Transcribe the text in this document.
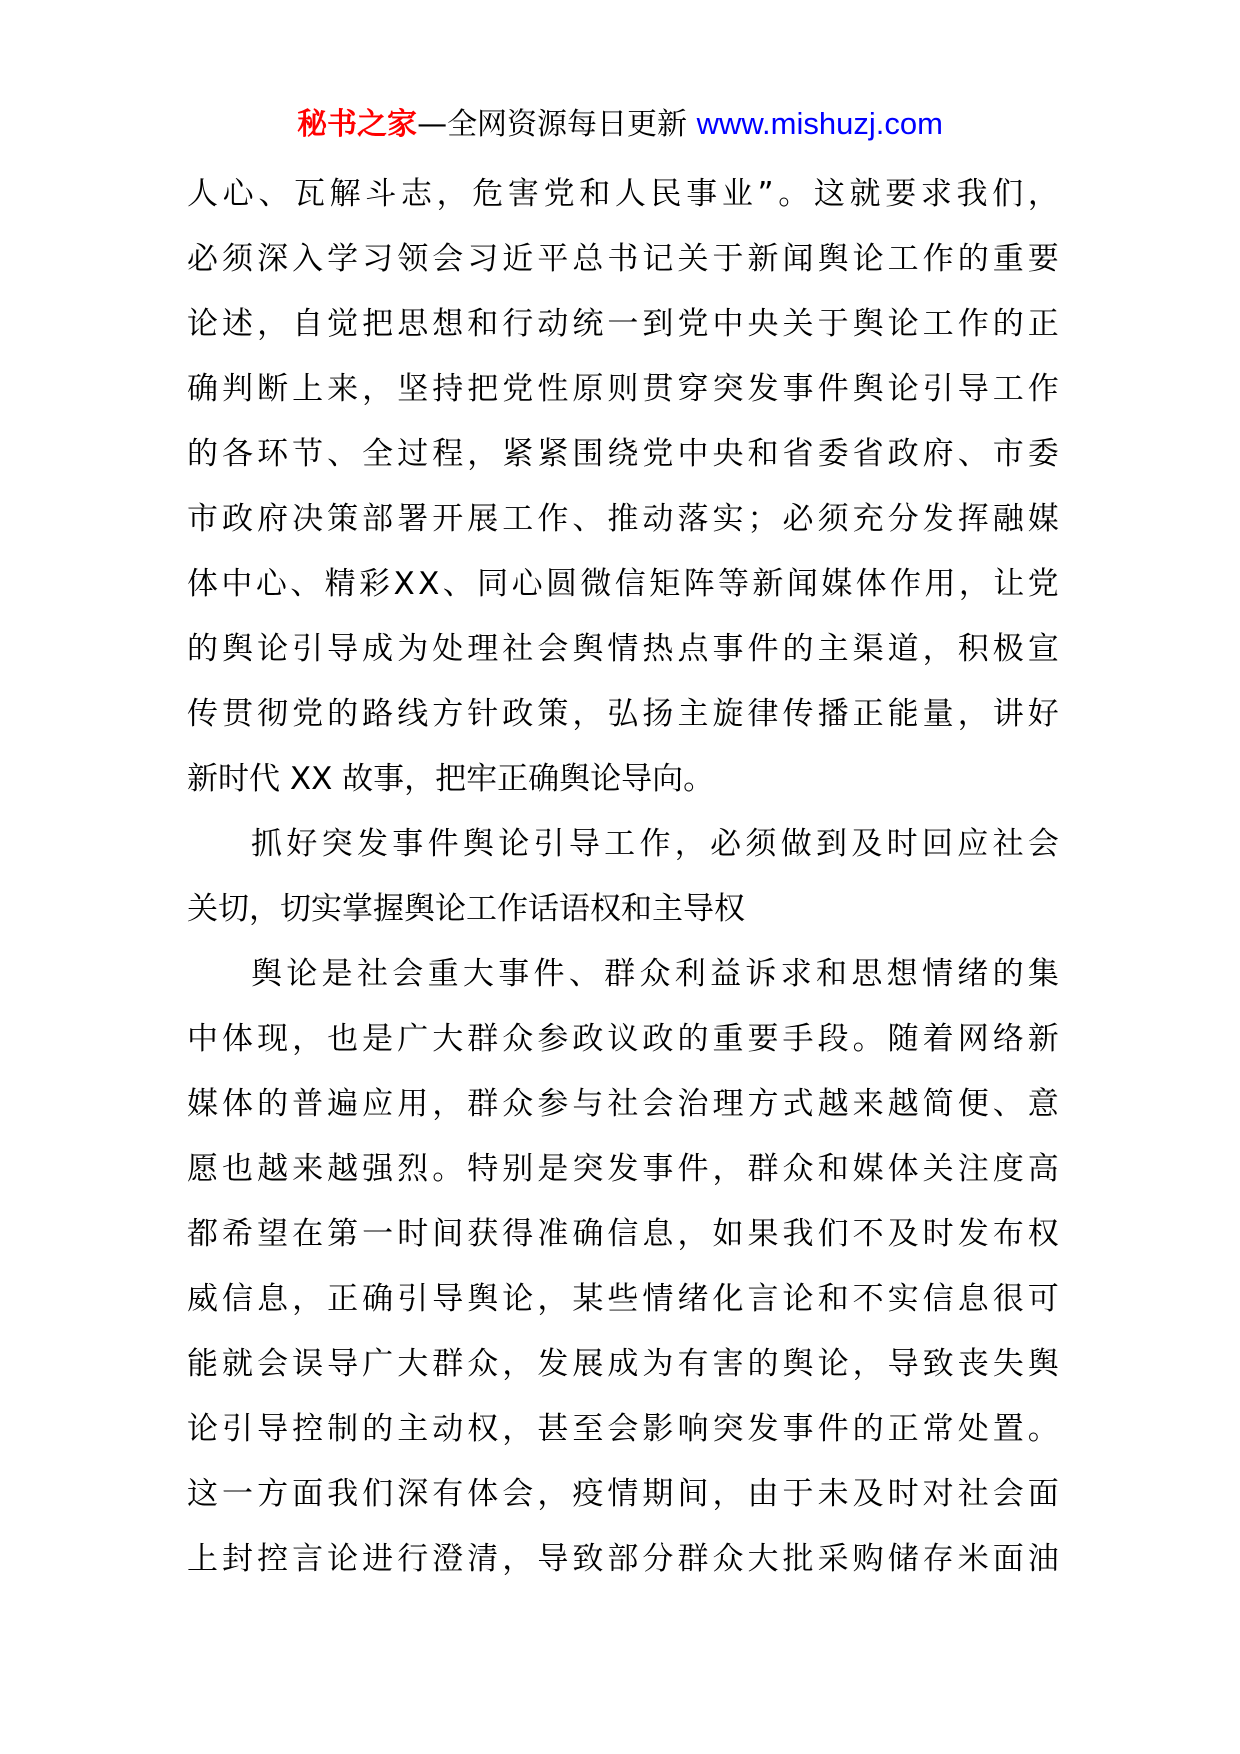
秘书之家—全网资源每日更新 www.mishuzj.com
人 心 、 瓦 解 斗 志 ， 危 害 党 和 人 民 事 业 ” 。 这 就 要 求 我 们 ，
必 须 深 入 学 习 领 会 习 近 平 总 书 记 关 于 新 闻 舆 论 工 作 的 重 要
论 述 ， 自 觉 把 思 想 和 行 动 统 一 到 党 中 央 关 于 舆 论 工 作 的 正
确 判 断 上 来 ， 坚 持 把 党 性 原 则 贯 穿 突 发 事 件 舆 论 引 导 工 作
的 各 环 节 、 全 过 程 ， 紧 紧 围 绕 党 中 央 和 省 委 省 政 府 、 市 委
市 政 府 决 策 部 署 开 展 工 作 、 推 动 落 实 ； 必 须 充 分 发 挥 融 媒
体 中 心 、 精 彩 X X 、 同 心 圆 微 信 矩 阵 等 新 闻 媒 体 作 用 ， 让 党
的 舆 论 引 导 成 为 处 理 社 会 舆 情 热 点 事 件 的 主 渠 道 ， 积 极 宣
传 贯 彻 党 的 路 线 方 针 政 策 ， 弘 扬 主 旋 律 传 播 正 能 量 ， 讲 好
新时代 XX 故事，把牢正确舆论导向。
抓 好 突 发 事 件 舆 论 引 导 工 作 ， 必 须 做 到 及 时 回 应 社 会
关切，切实掌握舆论工作话语权和主导权
舆 论 是 社 会 重 大 事 件 、 群 众 利 益 诉 求 和 思 想 情 绪 的 集
中 体 现 ， 也 是 广 大 群 众 参 政 议 政 的 重 要 手 段 。 随 着 网 络 新
媒 体 的 普 遍 应 用 ， 群 众 参 与 社 会 治 理 方 式 越 来 越 简 便 、 意
愿 也 越 来 越 强 烈 。 特 别 是 突 发 事 件 ， 群 众 和 媒 体 关 注 度 高
都 希 望 在 第 一 时 间 获 得 准 确 信 息 ， 如 果 我 们 不 及 时 发 布 权
威 信 息 ， 正 确 引 导 舆 论 ， 某 些 情 绪 化 言 论 和 不 实 信 息 很 可
能 就 会 误 导 广 大 群 众 ， 发 展 成 为 有 害 的 舆 论 ， 导 致 丧 失 舆
论 引 导 控 制 的 主 动 权 ， 甚 至 会 影 响 突 发 事 件 的 正 常 处 置 。
这 一 方 面 我 们 深 有 体 会 ， 疫 情 期 间 ， 由 于 未 及 时 对 社 会 面
上 封 控 言 论 进 行 澄 清 ， 导 致 部 分 群 众 大 批 采 购 储 存 米 面 油
